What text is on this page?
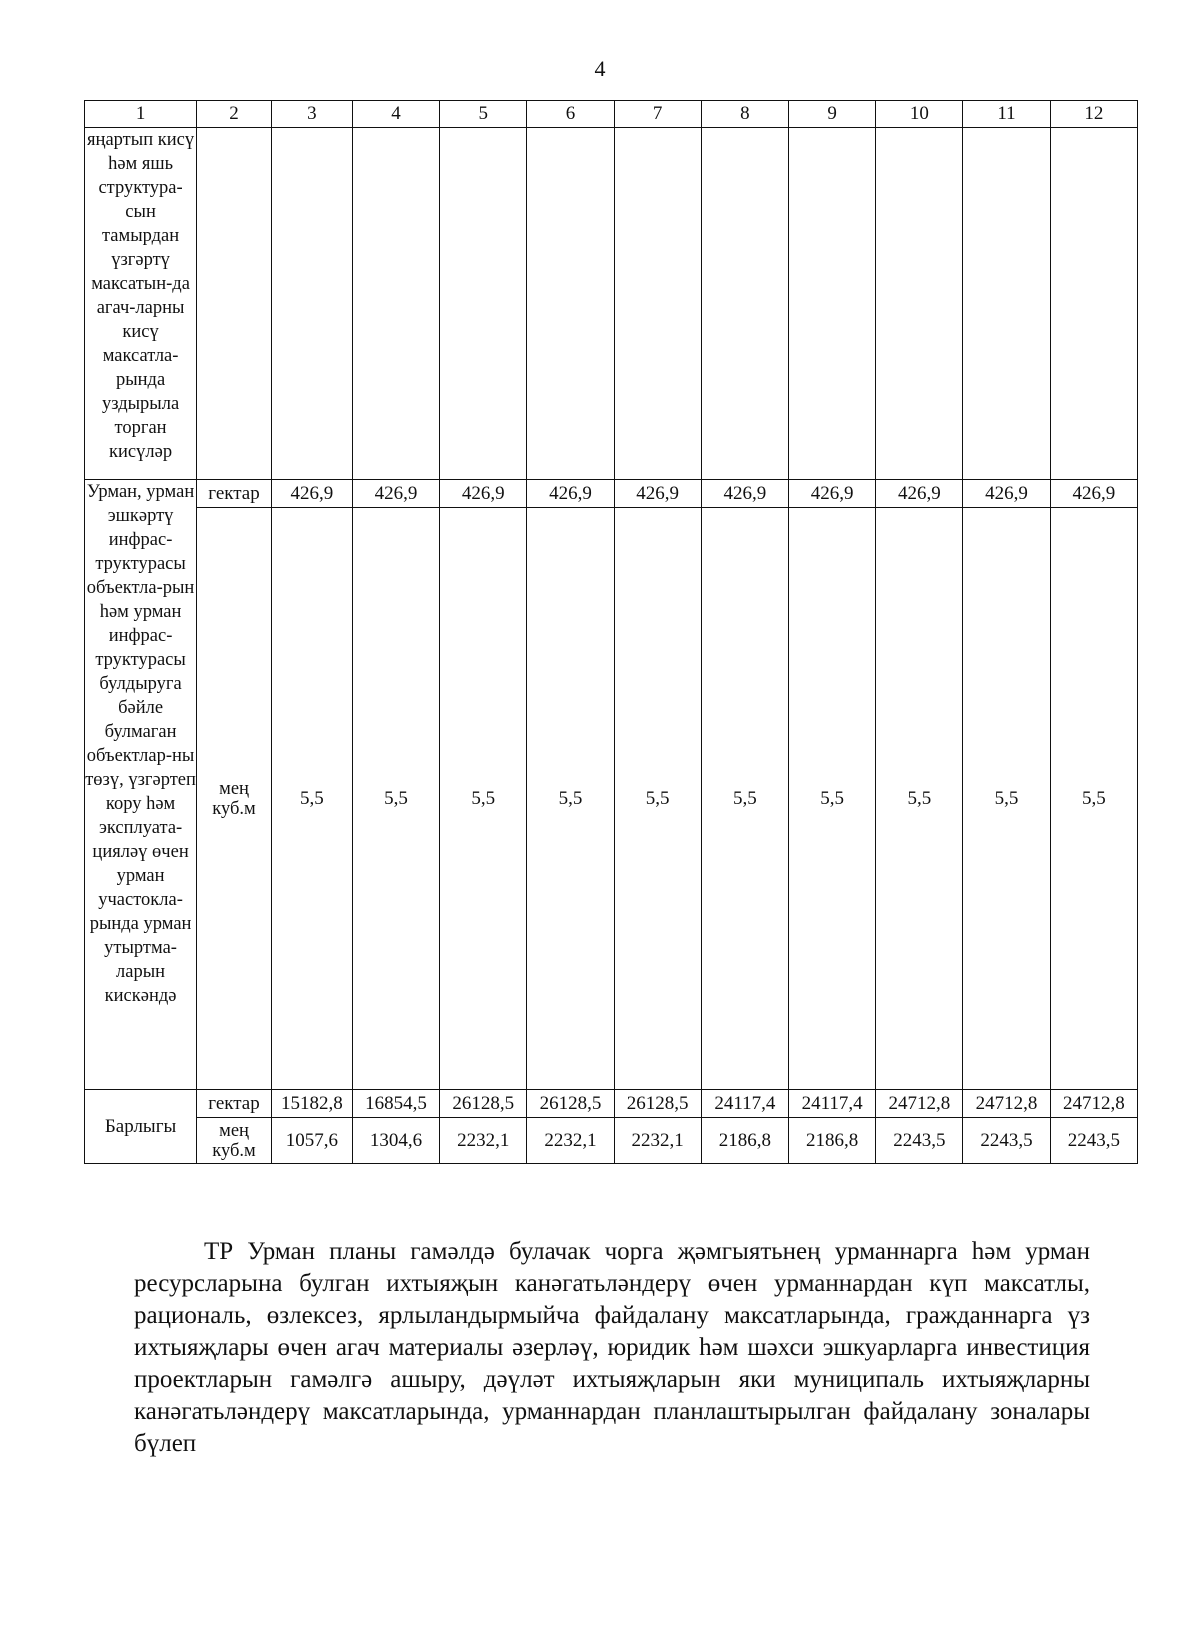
4
1	2	3	4	5	6	7	8	9	10	11	12
яңартып кисү һәм яшь структура-сын тамырдан үзгәртү максатын-да агач-ларны кисү максатла-рында уздырыла торган кисүләр											
Урман, урман эшкәртү инфрас-труктурасы объектла-рын һәм урман инфрас-труктурасы булдыруга бәйле булмаган объектлар-ны төзү, үзгәртеп кору һәм эксплуата-цияләү өчен урман участокла-рында урман утыртма-ларын кискәндә	гектар	426,9	426,9	426,9	426,9	426,9	426,9	426,9	426,9	426,9	426,9
	мең куб.м	5,5	5,5	5,5	5,5	5,5	5,5	5,5	5,5	5,5	5,5
Барлыгы	гектар	15182,8	16854,5	26128,5	26128,5	26128,5	24117,4	24117,4	24712,8	24712,8	24712,8
	мең куб.м	1057,6	1304,6	2232,1	2232,1	2232,1	2186,8	2186,8	2243,5	2243,5	2243,5
ТР Урман планы гамәлдә булачак чорга җәмгыятьнең урманнарга һәм урман ресурсларына булган ихтыяҗын канәгатьләндерү өчен урманнардан күп максатлы, рациональ, өзлексез, ярлыландырмыйча файдалану максатларында, гражданнарга үз ихтыяҗлары өчен агач материалы әзерләү, юридик һәм шәхси эшкуарларга инвестиция проектларын гамәлгә ашыру, дәүләт ихтыяҗларын яки муниципаль ихтыяҗларны канәгатьләндерү максатларында, урманнардан планлаштырылган файдалану зоналары бүлеп
